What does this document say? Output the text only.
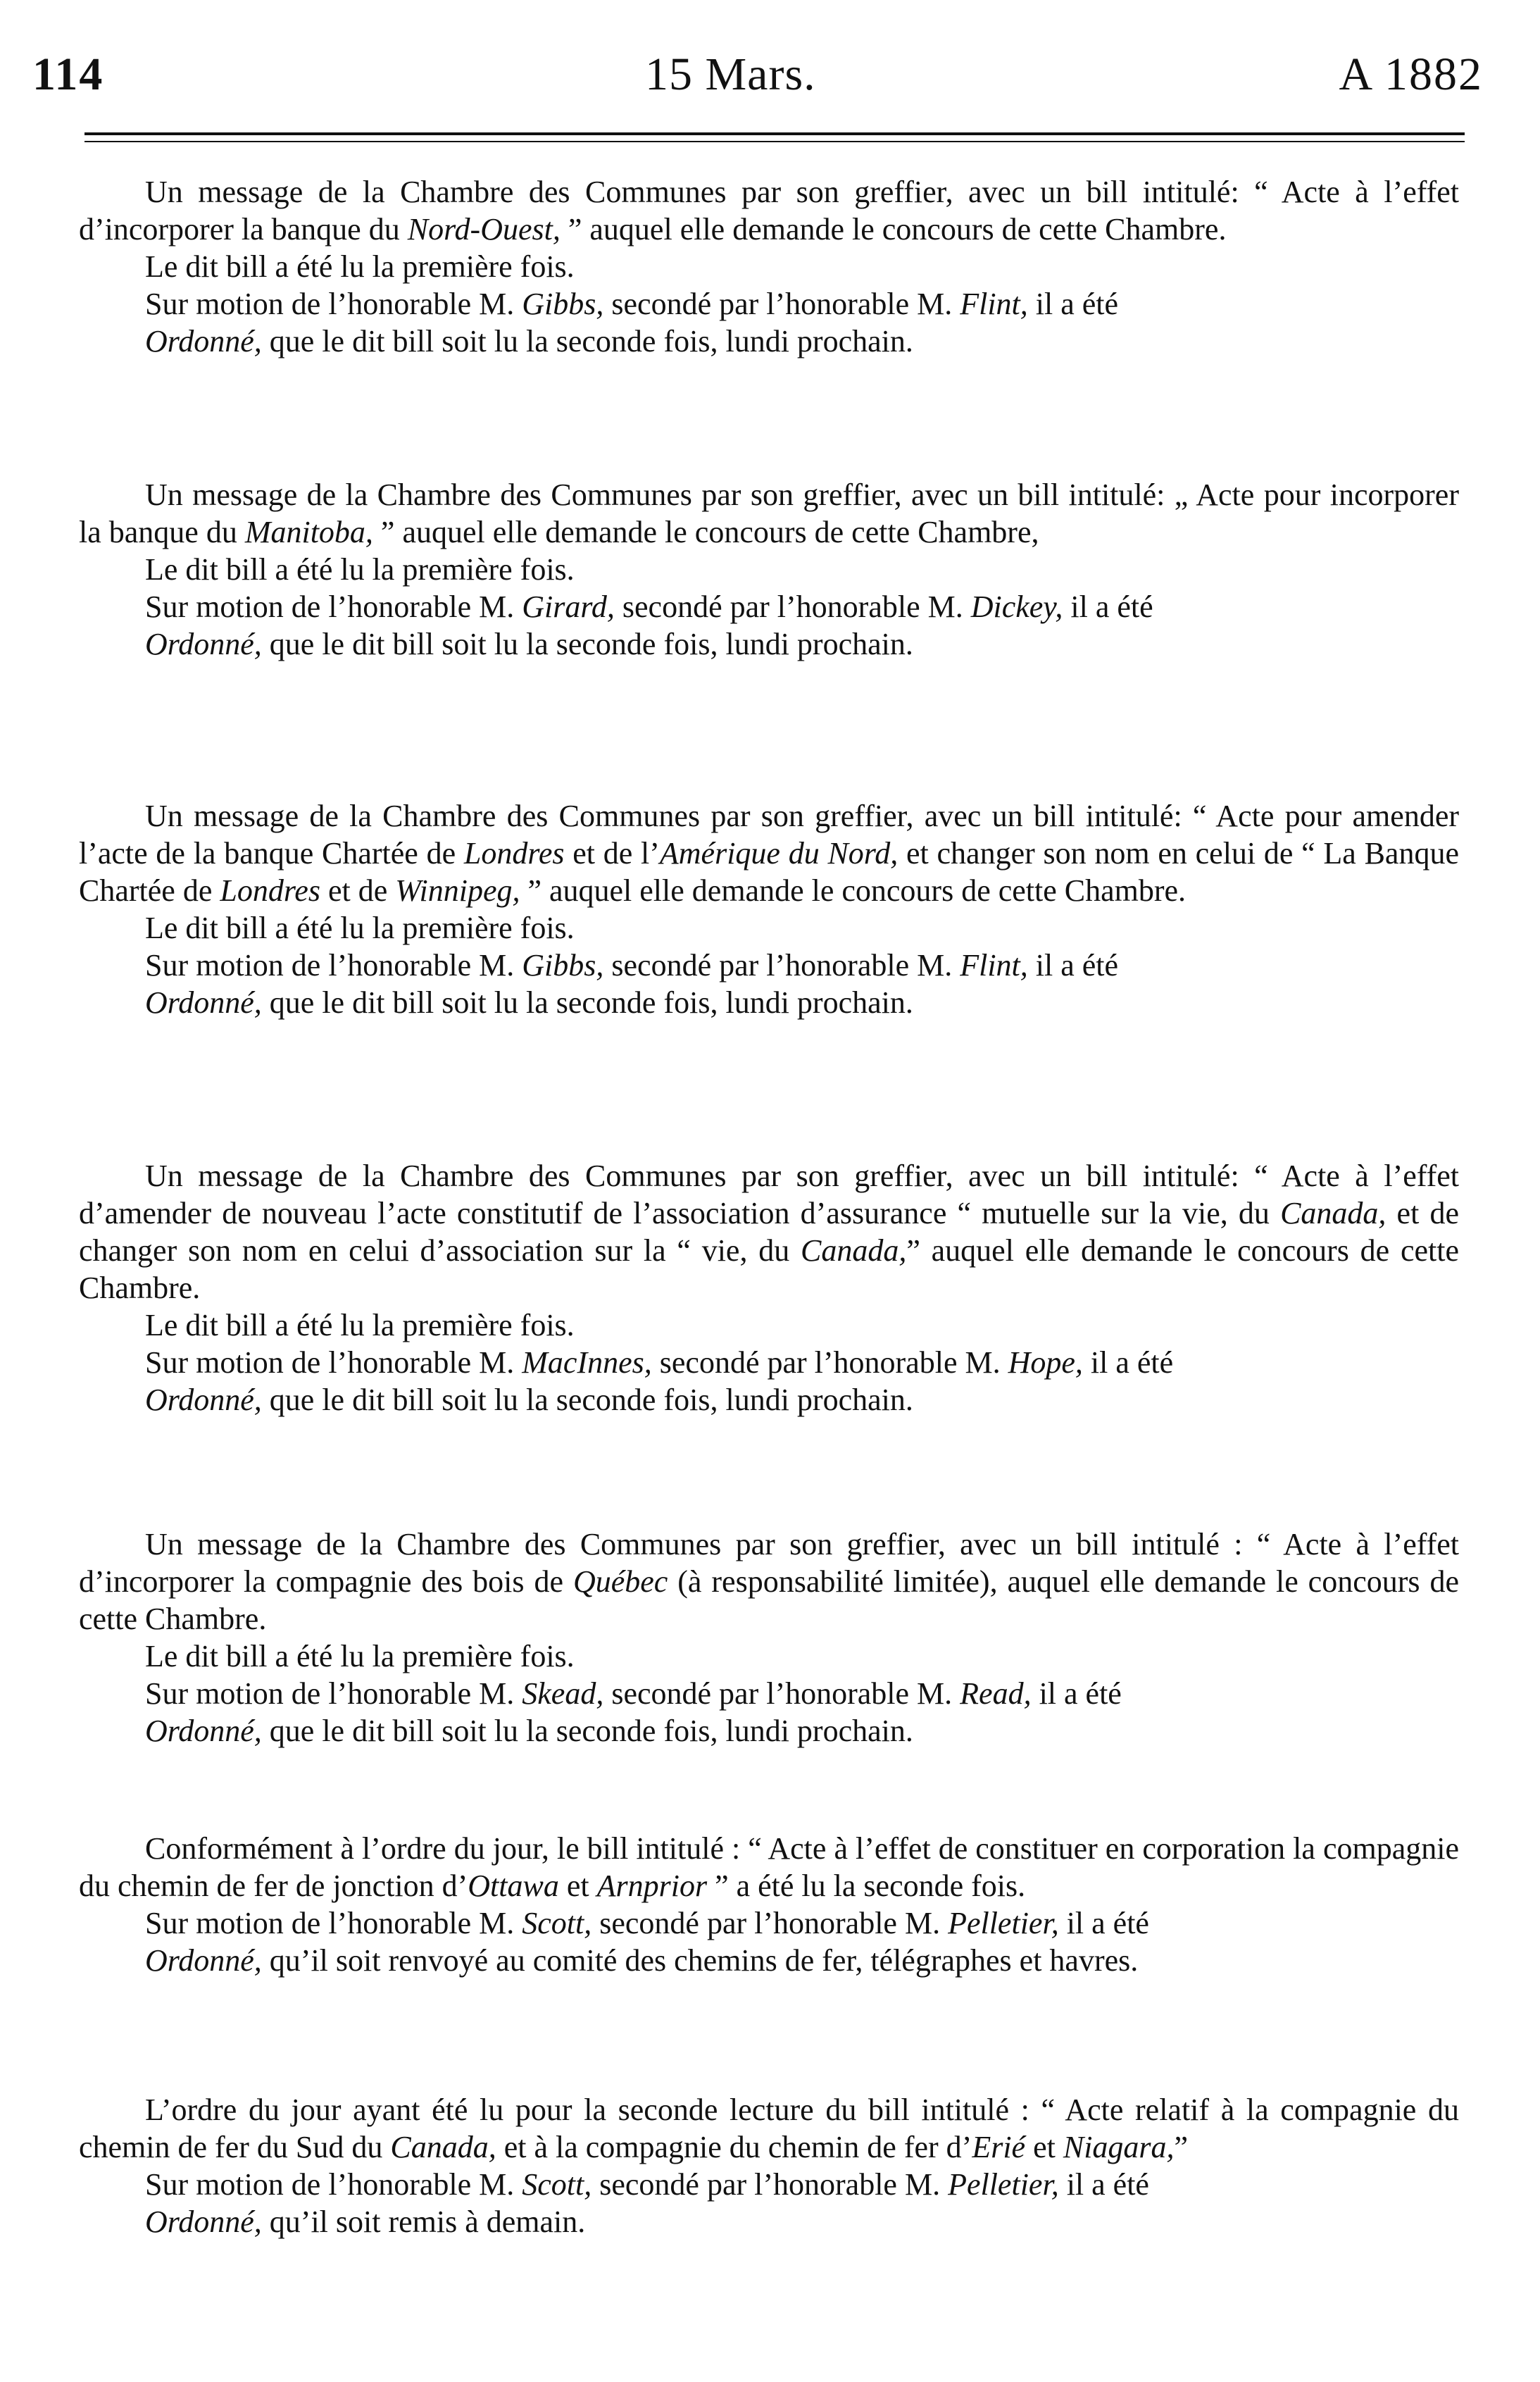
114	15 Mars.	A 1882

Un message de la Chambre des Communes par son greffier, avec un bill intitulé: “ Acte à l’effet d’incorporer la banque du Nord-Ouest, ” auquel elle demande le concours de cette Chambre.

Le dit bill a été lu la première fois.

Sur motion de l’honorable M. Gibbs, secondé par l’honorable M. Flint, il a été

Ordonné, que le dit bill soit lu la seconde fois, lundi prochain.

Un message de la Chambre des Communes par son greffier, avec un bill intitulé: „ Acte pour incorporer la banque du Manitoba, ” auquel elle demande le concours de cette Chambre,

Le dit bill a été lu la première fois.

Sur motion de l’honorable M. Girard, secondé par l’honorable M. Dickey, il a été

Ordonné, que le dit bill soit lu la seconde fois, lundi prochain.

Un message de la Chambre des Communes par son greffier, avec un bill intitulé: “ Acte pour amender l’acte de la banque Chartée de Londres et de l’Amérique du Nord, et changer son nom en celui de “ La Banque Chartée de Londres et de Winnipeg, ” auquel elle demande le concours de cette Chambre.

Le dit bill a été lu la première fois.

Sur motion de l’honorable M. Gibbs, secondé par l’honorable M. Flint, il a été

Ordonné, que le dit bill soit lu la seconde fois, lundi prochain.

Un message de la Chambre des Communes par son greffier, avec un bill intitulé: “ Acte à l’effet d’amender de nouveau l’acte constitutif de l’association d’assurance “ mutuelle sur la vie, du Canada, et de changer son nom en celui d’association sur la “ vie, du Canada,” auquel elle demande le concours de cette Chambre.

Le dit bill a été lu la première fois.

Sur motion de l’honorable M. MacInnes, secondé par l’honorable M. Hope, il a été

Ordonné, que le dit bill soit lu la seconde fois, lundi prochain.

Un message de la Chambre des Communes par son greffier, avec un bill intitulé : “ Acte à l’effet d’incorporer la compagnie des bois de Québec (à responsabilité limitée), auquel elle demande le concours de cette Chambre.

Le dit bill a été lu la première fois.

Sur motion de l’honorable M. Skead, secondé par l’honorable M. Read, il a été

Ordonné, que le dit bill soit lu la seconde fois, lundi prochain.

Conformément à l’ordre du jour, le bill intitulé : “ Acte à l’effet de constituer en corporation la compagnie du chemin de fer de jonction d’Ottawa et Arnprior ” a été lu la seconde fois.

Sur motion de l’honorable M. Scott, secondé par l’honorable M. Pelletier, il a été

Ordonné, qu’il soit renvoyé au comité des chemins de fer, télégraphes et havres.

L’ordre du jour ayant été lu pour la seconde lecture du bill intitulé : “ Acte relatif à la compagnie du chemin de fer du Sud du Canada, et à la compagnie du chemin de fer d’Erié et Niagara,”

Sur motion de l’honorable M. Scott, secondé par l’honorable M. Pelletier, il a été

Ordonné, qu’il soit remis à demain.
